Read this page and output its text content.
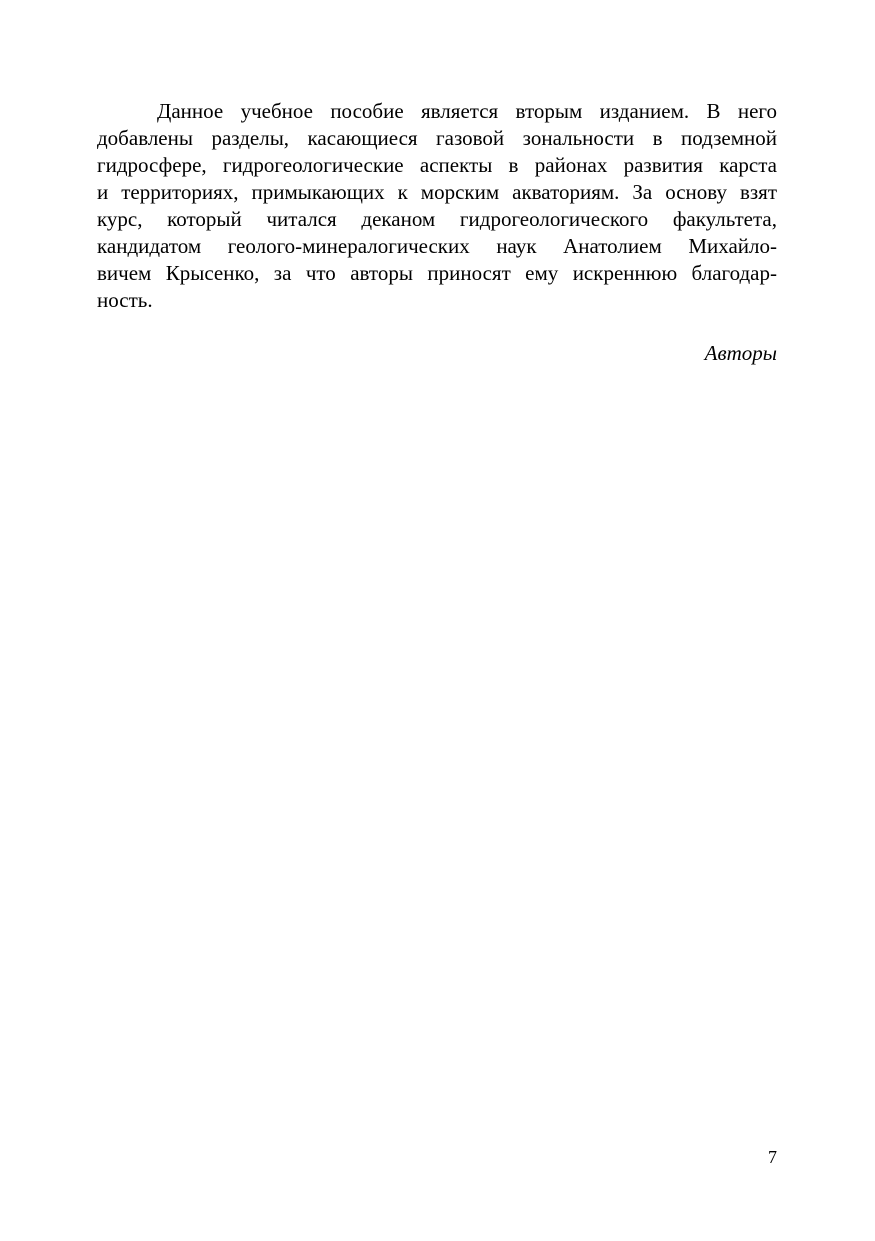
Данное учебное пособие является вторым изданием. В него
добавлены разделы, касающиеся газовой зональности в подземной
гидросфере, гидрогеологические аспекты в районах развития карста
и территориях, примыкающих к морским акваториям. За основу взят
курс, который читался деканом гидрогеологического факультета,
кандидатом геолого-минералогических наук Анатолием Михайло-
вичем Крысенко, за что авторы приносят ему искреннюю благодар-
ность.
Авторы
7
